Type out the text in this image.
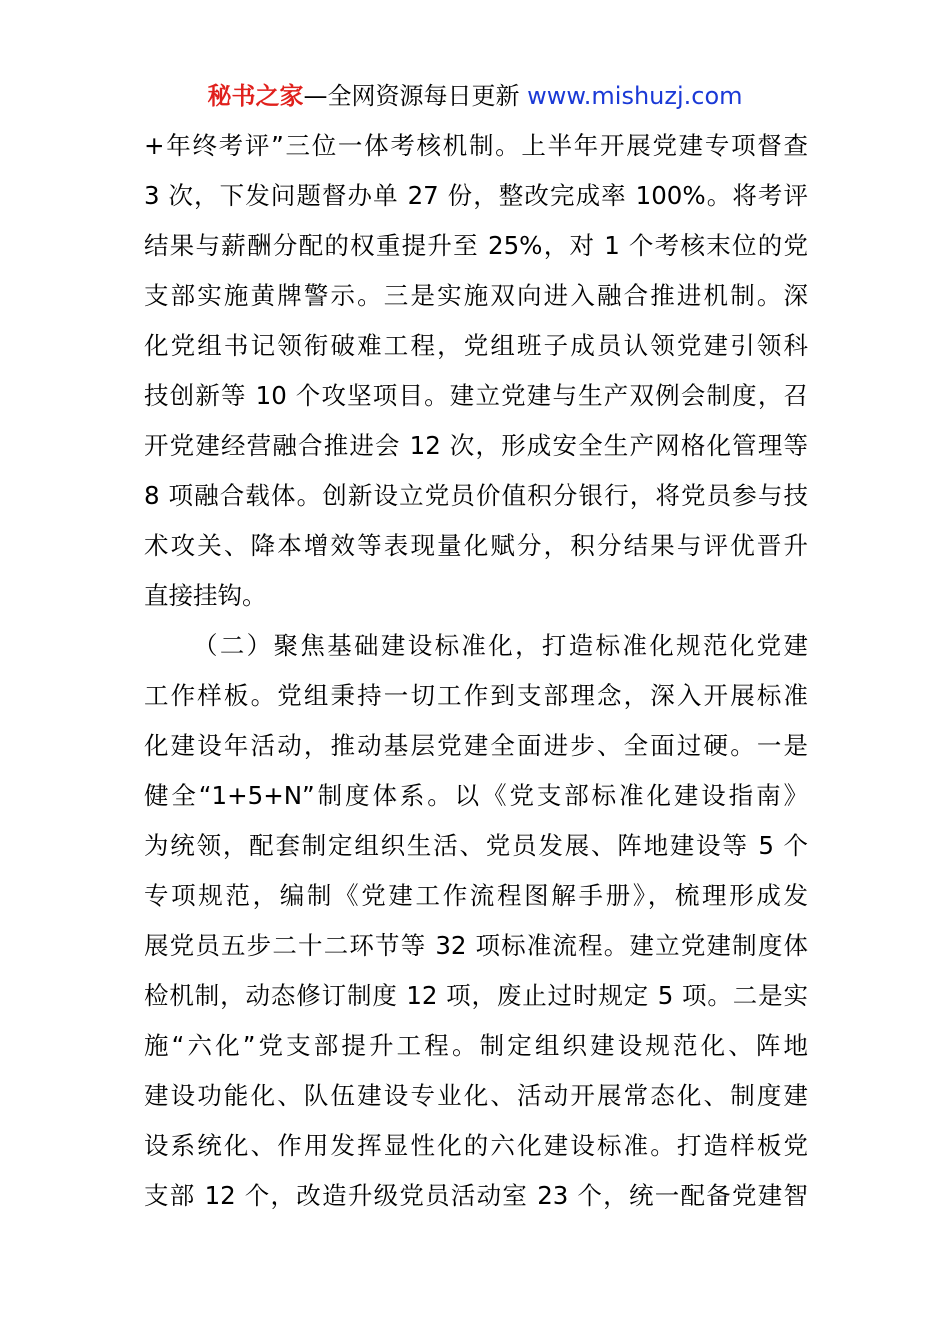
秘书之家—全网资源每日更新 www.mishuzj.com
+年终考评”三位一体考核机制。上半年开展党建专项督查
3 次，下发问题督办单 27 份，整改完成率 100%。将考评
结果与薪酬分配的权重提升至 25%，对 1 个考核末位的党
支部实施黄牌警示。三是实施双向进入融合推进机制。深
化党组书记领衔破难工程，党组班子成员认领党建引领科
技创新等 10 个攻坚项目。建立党建与生产双例会制度，召
开党建经营融合推进会 12 次，形成安全生产网格化管理等
8 项融合载体。创新设立党员价值积分银行，将党员参与技
术攻关、降本增效等表现量化赋分，积分结果与评优晋升
直接挂钩。
（二）聚焦基础建设标准化，打造标准化规范化党建
工作样板。党组秉持一切工作到支部理念，深入开展标准
化建设年活动，推动基层党建全面进步、全面过硬。一是
健全“1+5+N”制度体系。以《党支部标准化建设指南》
为统领，配套制定组织生活、党员发展、阵地建设等 5 个
专项规范，编制《党建工作流程图解手册》，梳理形成发
展党员五步二十二环节等 32 项标准流程。建立党建制度体
检机制，动态修订制度 12 项，废止过时规定 5 项。二是实
施“六化”党支部提升工程。制定组织建设规范化、阵地
建设功能化、队伍建设专业化、活动开展常态化、制度建
设系统化、作用发挥显性化的六化建设标准。打造样板党
支部 12 个，改造升级党员活动室 23 个，统一配备党建智
